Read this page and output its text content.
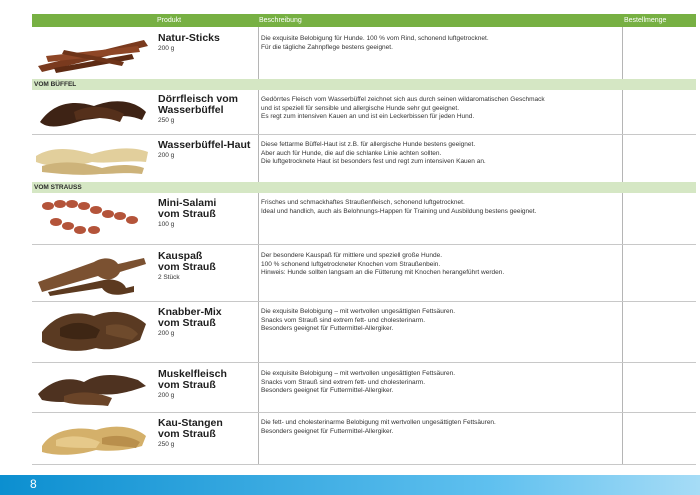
Produkt	Beschreibung	Bestellmenge
Natur-Sticks
200 g

Die exquisite Belobigung für Hunde. 100 % vom Rind, schonend luftgetrocknet.

Für die tägliche Zahnpflege bestens geeignet.

VOM BÜFFEL
Dörrfleisch vom
Wasserbüffel
250 g

Gedörrtes Fleisch vom Wasserbüffel zeichnet sich aus durch seinen wildaromatischen Geschmack

und ist speziell für sensible und allergische Hunde sehr gut geeignet.

Es regt zum intensiven Kauen an und ist ein Leckerbissen für jeden Hund.

Wasserbüffel-Haut
200 g

Diese fettarme Büffel-Haut ist z.B. für allergische Hunde bestens geeignet.

Aber auch für Hunde, die auf die schlanke Linie achten sollten.

Die luftgetrocknete Haut ist besonders fest und regt zum intensiven Kauen an.

VOM STRAUSS
Mini-Salami
vom Strauß
100 g

Frisches und schmackhaftes Straußenfleisch, schonend luftgetrocknet.

Ideal und handlich, auch als Belohnungs-Happen für Training und Ausbildung bestens geeignet.

Kauspaß
vom Strauß
2 Stück

Der besondere Kauspaß für mittlere und speziell große Hunde.

100 % schonend luftgetrockneter Knochen vom Straußenbein.

Hinweis: Hunde sollten langsam an die Fütterung mit Knochen herangeführt werden.

Knabber-Mix
vom Strauß
200 g

Die exquisite Belobigung – mit wertvollen ungesättigten Fettsäuren.

Snacks vom Strauß sind extrem fett- und cholesterinarm.

Besonders geeignet für Futtermittel-Allergiker.

Muskelfleisch
vom Strauß
200 g

Die exquisite Belobigung – mit wertvollen ungesättigten Fettsäuren.

Snacks vom Strauß sind extrem fett- und cholesterinarm.

Besonders geeignet für Futtermittel-Allergiker.

Kau-Stangen
vom Strauß
250 g

Die fett- und cholesterinarme Belobigung mit wertvollen ungesättigten Fettsäuren.

Besonders geeignet für Futtermittel-Allergiker.

8
